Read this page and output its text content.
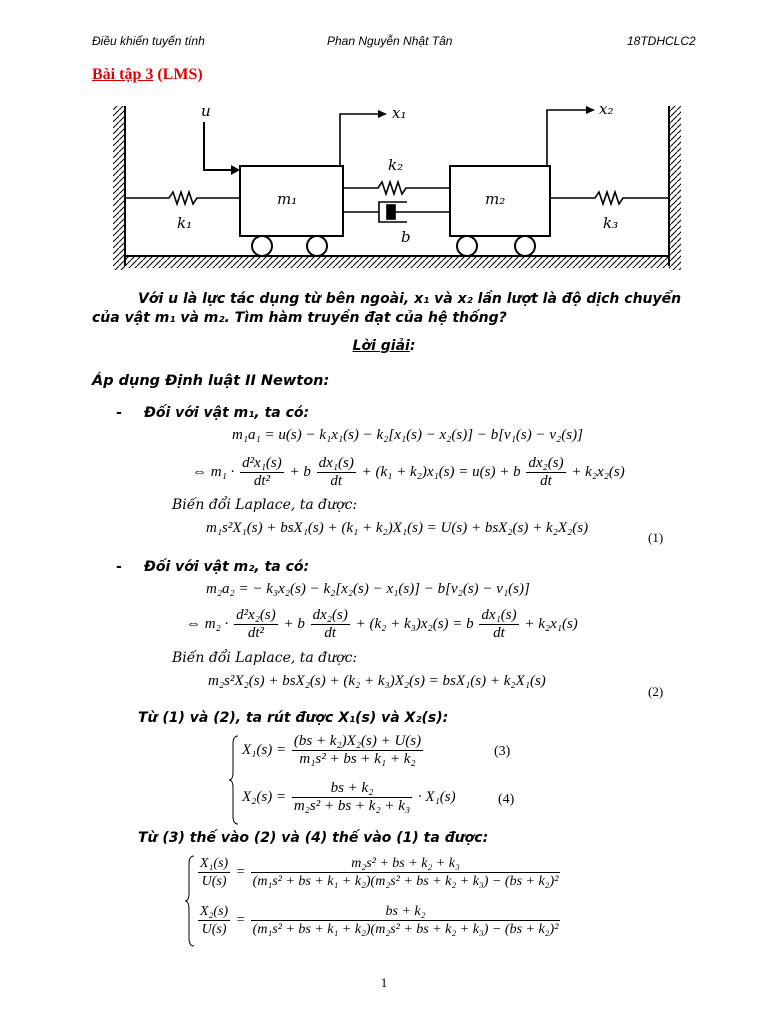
Điều khiển tuyến tính	Phan Nguyễn Nhật Tân	18TDHCLC2
Bài tập 3 (LMS)
u	x₁	x₂
m₁	m₂
k₁
k₂
b
k₃
Với u là lực tác dụng từ bên ngoài, x₁ và x₂ lần lượt là độ dịch chuyển của vật m₁ và m₂. Tìm hàm truyền đạt của hệ thống?
Lời giải:
Áp dụng Định luật II Newton:
- Đối với vật m₁, ta có:
m₁a₁ = u(s) − k₁x₁(s) − k₂[x₁(s) − x₂(s)] − b[v₁(s) − v₂(s)]
⇔ $m_1 \cdot \frac{\text{d²x₁(s)}}{\text{dt²}} + b \frac{\text{dx₁(s)}}{dt} + (k_1 + k_2)x_1(s) = u(s) + b \frac{\text{dx₂(s)}}{dt} + k_2x_2(s)$
Biến đổi Laplace, ta được:
m₁s²X₁(s) + bsX₁(s) + (k₁ + k₂)X₁(s) = U(s) + bsX₂(s) + k₂X₂(s)
(1)
- Đối với vật m₂, ta có:
m₂a₂ = − k₃x₂(s) − k₂[x₂(s) − x₁(s)] − b[v₂(s) − v₁(s)]
⇔ $m_2 \cdot \frac{\text{d²x₂(s)}}{\text{dt²}} + b \frac{\text{dx₂(s)}}{dt} + (k_2 + k_3)x_2(s) = b \frac{\text{dx₁(s)}}{dt} + k_2x_1(s)$
Biến đổi Laplace, ta được:
m₂s²X₂(s) + bsX₂(s) + (k₂ + k₃)X₂(s) = bsX₁(s) + k₂X₁(s)
(2)
Từ (1) và (2), ta rút được X₁(s) và X₂(s):
$X_1(s) = \frac{\text{(bs + k₂)X₂(s) + U(s)}}{\text{m₁s² + bs + k₁ + k₂}}$	(3)
$X_2(s) = \frac{\text{bs + k₂}}{\text{m₂s² + bs + k₂ + k₃}} \cdot X_1(s)$	(4)
Từ (3) thế vào (2) và (4) thế vào (1) ta được:
$\frac{\text{X₁(s)}}{U(s)} = \frac{\text{m₂s² + bs + k₂ + k₃}}{\text{(m₁s² + bs + k₁ + k₂)(m₂s² + bs + k₂ + k₃) − (bs + k₂)²}}$
$\frac{\text{X₂(s)}}{U(s)} = \frac{\text{bs + k₂}}{\text{(m₁s² + bs + k₁ + k₂)(m₂s² + bs + k₂ + k₃) − (bs + k₂)²}}$
1
